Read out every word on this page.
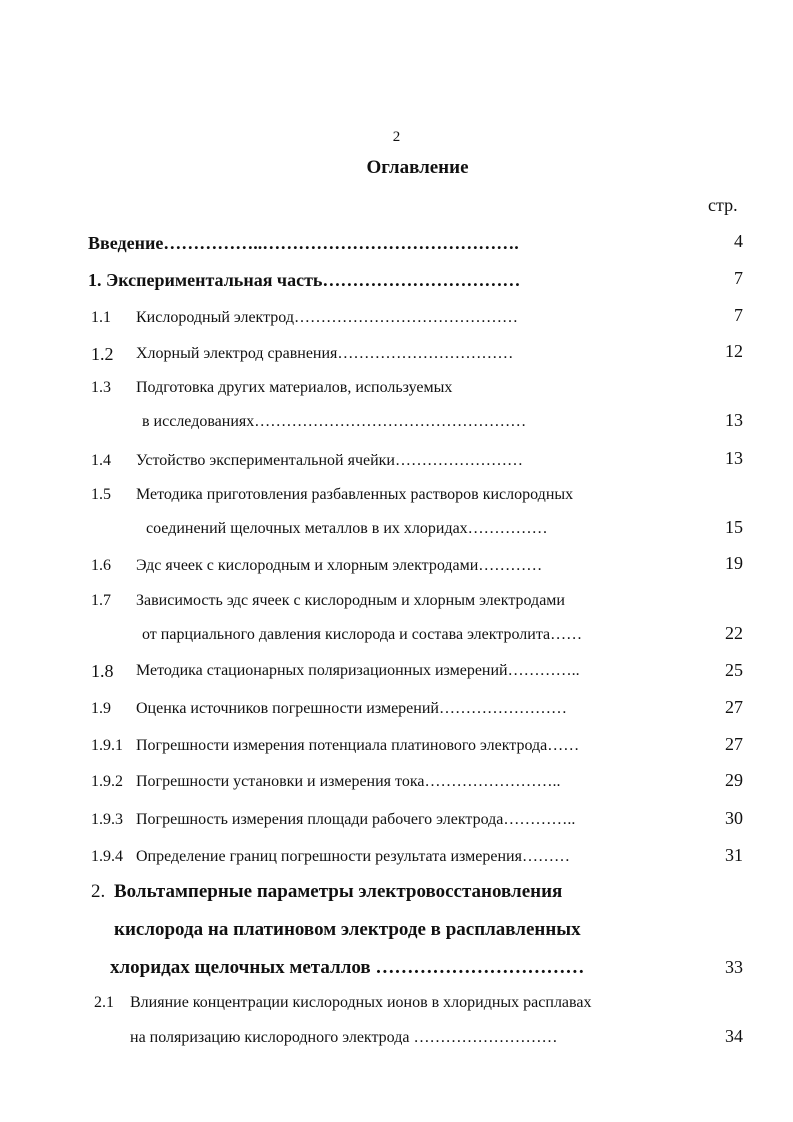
2
Оглавление
стр.
Введение……………..…………………………………….	4
1. Экспериментальная часть……………………………	7
1.1 Кислородный электрод……………………………………	7
1.2 Хлорный электрод сравнения……………………………	12
1.3 Подготовка других материалов, используемых
в исследованиях……………………………………………	13
1.4 Устойство экспериментальной ячейки……………………	13
1.5 Методика приготовления разбавленных растворов кислородных
соединений щелочных металлов в их хлоридах……………	15
1.6 Эдс ячеек с кислородным и хлорным электродами…………	19
1.7 Зависимость эдс ячеек с кислородным и хлорным электродами
от парциального давления кислорода и состава электролита……	22
1.8 Методика стационарных поляризационных измерений…………..	25
1.9 Оценка источников погрешности измерений……………………	27
1.9.1 Погрешности измерения потенциала платинового электрода……	27
1.9.2 Погрешности установки и измерения тока……………………..	29
1.9.3 Погрешность измерения площади рабочего электрода…………..	30
1.9.4 Определение границ погрешности результата измерения………	31
2. Вольтамперные параметры электровосстановления
кислорода на платиновом электроде в расплавленных
хлоридах щелочных металлов ……………………………	33
2.1 Влияние концентрации кислородных ионов в хлоридных расплавах
на поляризацию кислородного электрода ………………………	34
